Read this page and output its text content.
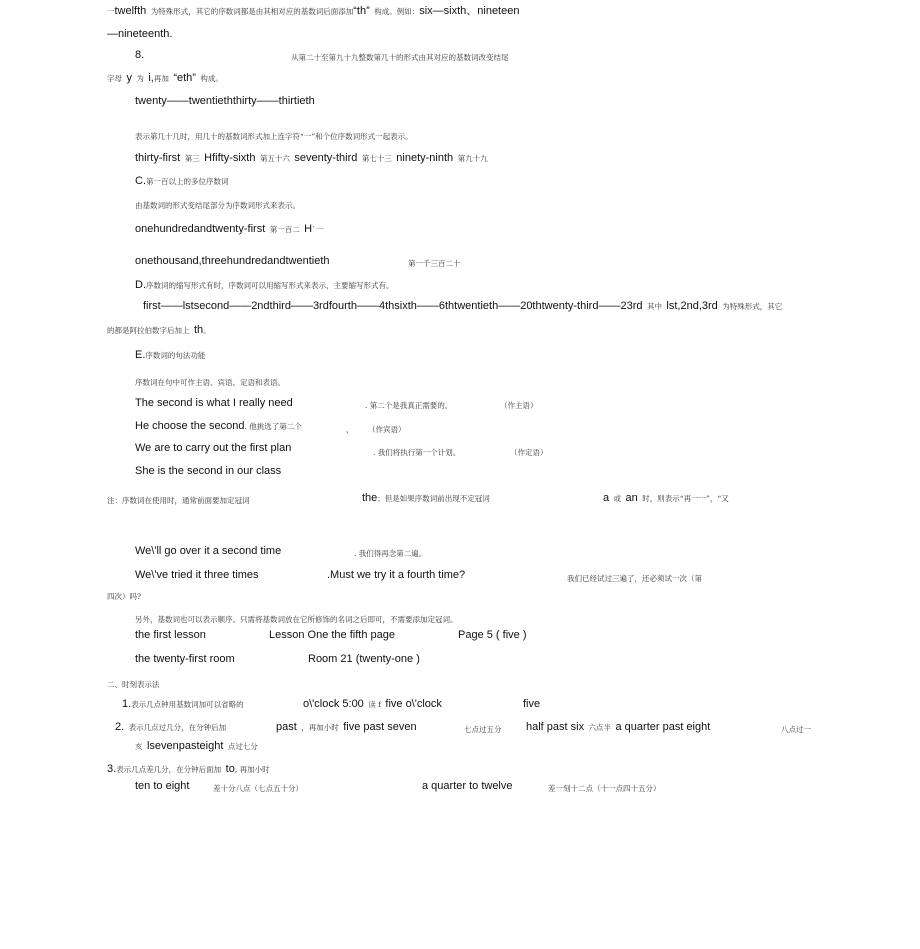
一twelfth 为特殊形式，其它的序数词都是由其相对应的基数词后面添加“th” 构成。例如：six—sixth、nineteen
—nineteenth.
8.	从第二十至第九十九整数第几十的形式由其对应的基数词改变结尾
字母 y 为 i,再加 “eth” 构成。
twenty——twentieththirty——thirtieth
表示第几十几时，用几十的基数词形式加上连字符“一”和个位序数词形式一起表示。
thirty-first 第三 Hfifty-sixth 第五十六 seventy-third 第七十三 ninety-ninth 第九十九
C.第一百以上的多位序数词
由基数词的形式变结尾部分为序数词形式来表示。
onehundredandtwenty-first 第一百二 H`一
onethousand,threehundredandtwentieth	第一千三百二十
D.序数词的缩写形式有时，序数词可以用缩写形式来表示，主要缩写形式有。
first——lstsecond——2ndthird——3rdfourth——4thsixth——6thtwentieth——20thtwenty-third——23rd 其中 lst,2nd,3rd 为特殊形式，其它
的都是阿拉伯数字后加上 th。
E.序数词的句法功能
序数词在句中可作主语、宾语、定语和表语。
The second is what I really need	. 第二个是我真正需要的。	（作主语）
He choose the second. 他挑选了第二个	， （作宾语）
We are to carry out the first plan	. 我们将执行第一个计划。	（作定语）
She is the second in our class
注：序数词在使用时，通常前面要加定冠词	the；但是如果序数词前出现不定冠词	a 或 an 时，则表示“再一一”，“又
We\'ll go over it a second time	. 我们得再念第二遍。
We\'ve tried it three times	.Must we try it a fourth time?	我们已经试过三遍了，还必须试一次（第
四次）吗?
另外，基数词也可以表示顺序。只需将基数词放在它所修饰的名词之后即可，不需要添加定冠词。
the first lesson	Lesson One the fifth page	Page 5 ( five )
the twenty-first room	Room 21 (twenty-one )
二、时刻表示法
1.表示几点钟用基数词加可以省略的	o\'clock 5:00 读 f five o\'clock	five
2. 表示几点过几分，在分钟后加	past ，再加小时 five past seven	七点过五分 half past six 六点半 a quarter past eight	八点过一
亥 lsevenpasteight 点过七分
3.表示几点差几分，在分钟后面加 to, 再加小时
ten to eight	差十分八点（七点五十分）	a quarter to twelve	差一刻十二点（十一点四十五分）
